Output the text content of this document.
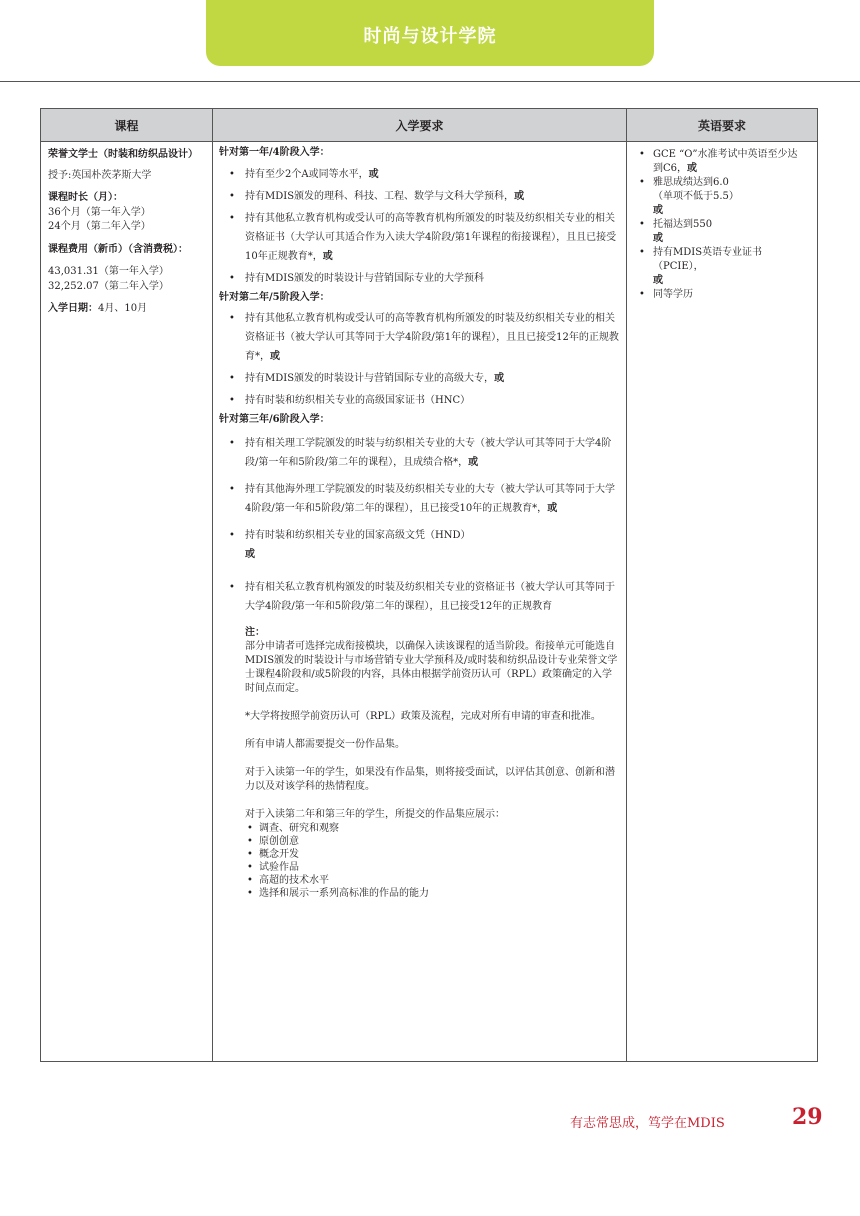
时尚与设计学院
课程
荣誉文学士（时装和纺织品设计）
授予:英国朴茨茅斯大学
课程时长（月）：
36个月（第一年入学）
24个月（第二年入学）
课程费用（新币）（含消费税）：
43,031.31（第一年入学）
32,252.07（第二年入学）
入学日期：4月、10月
入学要求
针对第一年/4阶段入学：
• 持有至少2个A或同等水平，或
• 持有MDIS颁发的理科、科技、工程、数学与文科大学预科，或
• 持有其他私立教育机构或受认可的高等教育机构所颁发的时装及纺织相关专业的相关资格证书（大学认可其适合作为入读大学4阶段/第1年课程的衔接课程），且且已接受10年正规教育*，或
• 持有MDIS颁发的时装设计与营销国际专业的大学预科
针对第二年/5阶段入学：
• 持有其他私立教育机构或受认可的高等教育机构所颁发的时装及纺织相关专业的相关资格证书（被大学认可其等同于大学4阶段/第1年的课程），且且已接受12年的正规教育*，或
• 持有MDIS颁发的时装设计与营销国际专业的高级大专，或
• 持有时装和纺织相关专业的高级国家证书（HNC）
针对第三年/6阶段入学：
• 持有相关理工学院颁发的时装与纺织相关专业的大专（被大学认可其等同于大学4阶段/第一年和5阶段/第二年的课程），且成绩合格*，或
• 持有其他海外理工学院颁发的时装及纺织相关专业的大专（被大学认可其等同于大学4阶段/第一年和5阶段/第二年的课程），且已接受10年的正规教育*，或
• 持有时装和纺织相关专业的国家高级文凭（HND）
或
• 持有相关私立教育机构颁发的时装及纺织相关专业的资格证书（被大学认可其等同于大学4阶段/第一年和5阶段/第二年的课程），且已接受12年的正规教育
注：

部分申请者可选择完成衔接模块，以确保入读该课程的适当阶段。衔接单元可能选自MDIS颁发的时装设计与市场营销专业大学预科及/或时装和纺织品设计专业荣誉文学士课程4阶段和/或5阶段的内容，具体由根据学前资历认可（RPL）政策确定的入学时间点而定。

*大学将按照学前资历认可（RPL）政策及流程，完成对所有申请的审查和批准。

所有申请人都需要提交一份作品集。

对于入读第一年的学生，如果没有作品集，则将接受面试，以评估其创意、创新和潜力以及对该学科的热情程度。

对于入读第二年和第三年的学生，所提交的作品集应展示：
• 调查、研究和观察
• 原创创意
• 概念开发
• 试验作品
• 高超的技术水平
• 选择和展示一系列高标准的作品的能力
英语要求
• GCE “O”水准考试中英语至少达到C6，或
• 雅思成绩达到6.0
（单项不低于5.5）
或
• 托福达到550
或
• 持有MDIS英语专业证书（PCIE），
或
• 同等学历
有志常思成，笃学在MDIS	29
